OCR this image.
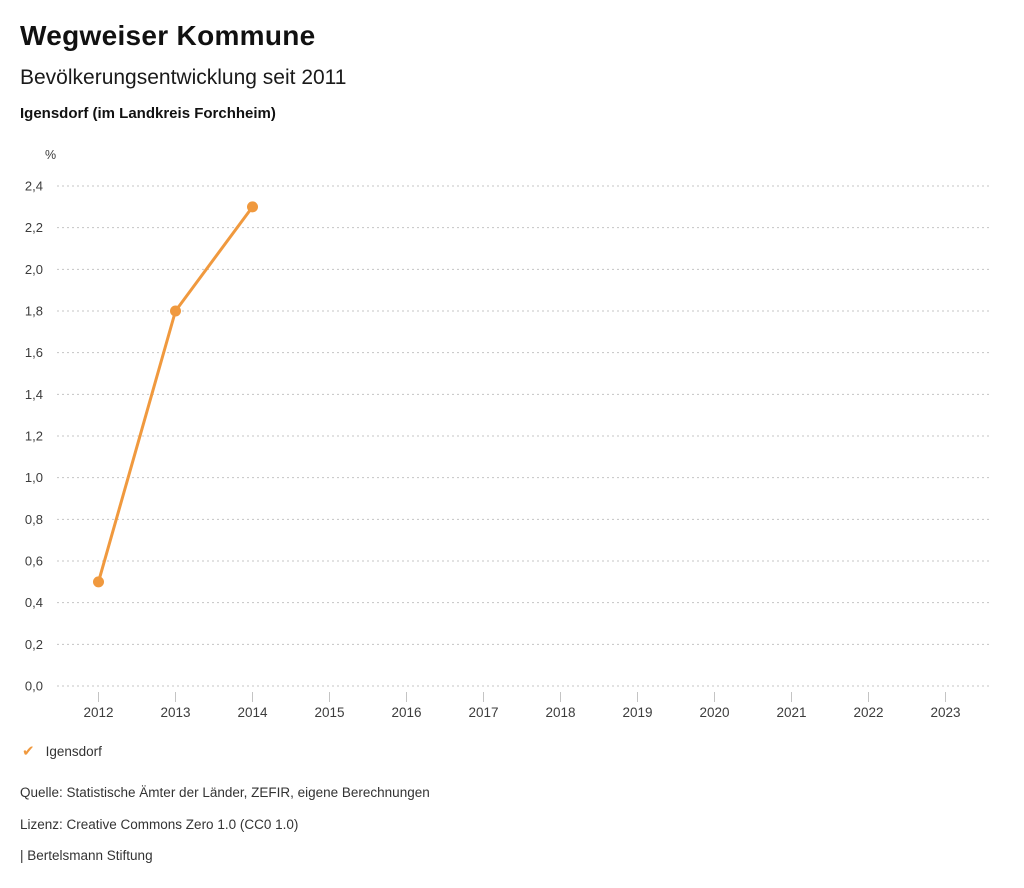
Wegweiser Kommune
Bevölkerungsentwicklung seit 2011
Igensdorf (im Landkreis Forchheim)
%
0,0
0,2
0,4
0,6
0,8
1,0
1,2
1,4
1,6
1,8
2,0
2,2
2,4
2012	2013	2014	2015	2016	2017	2018	2019	2020	2021	2022	2023
✔ Igensdorf
Quelle: Statistische Ämter der Länder, ZEFIR, eigene Berechnungen
Lizenz: Creative Commons Zero 1.0 (CC0 1.0)
| Bertelsmann Stiftung
